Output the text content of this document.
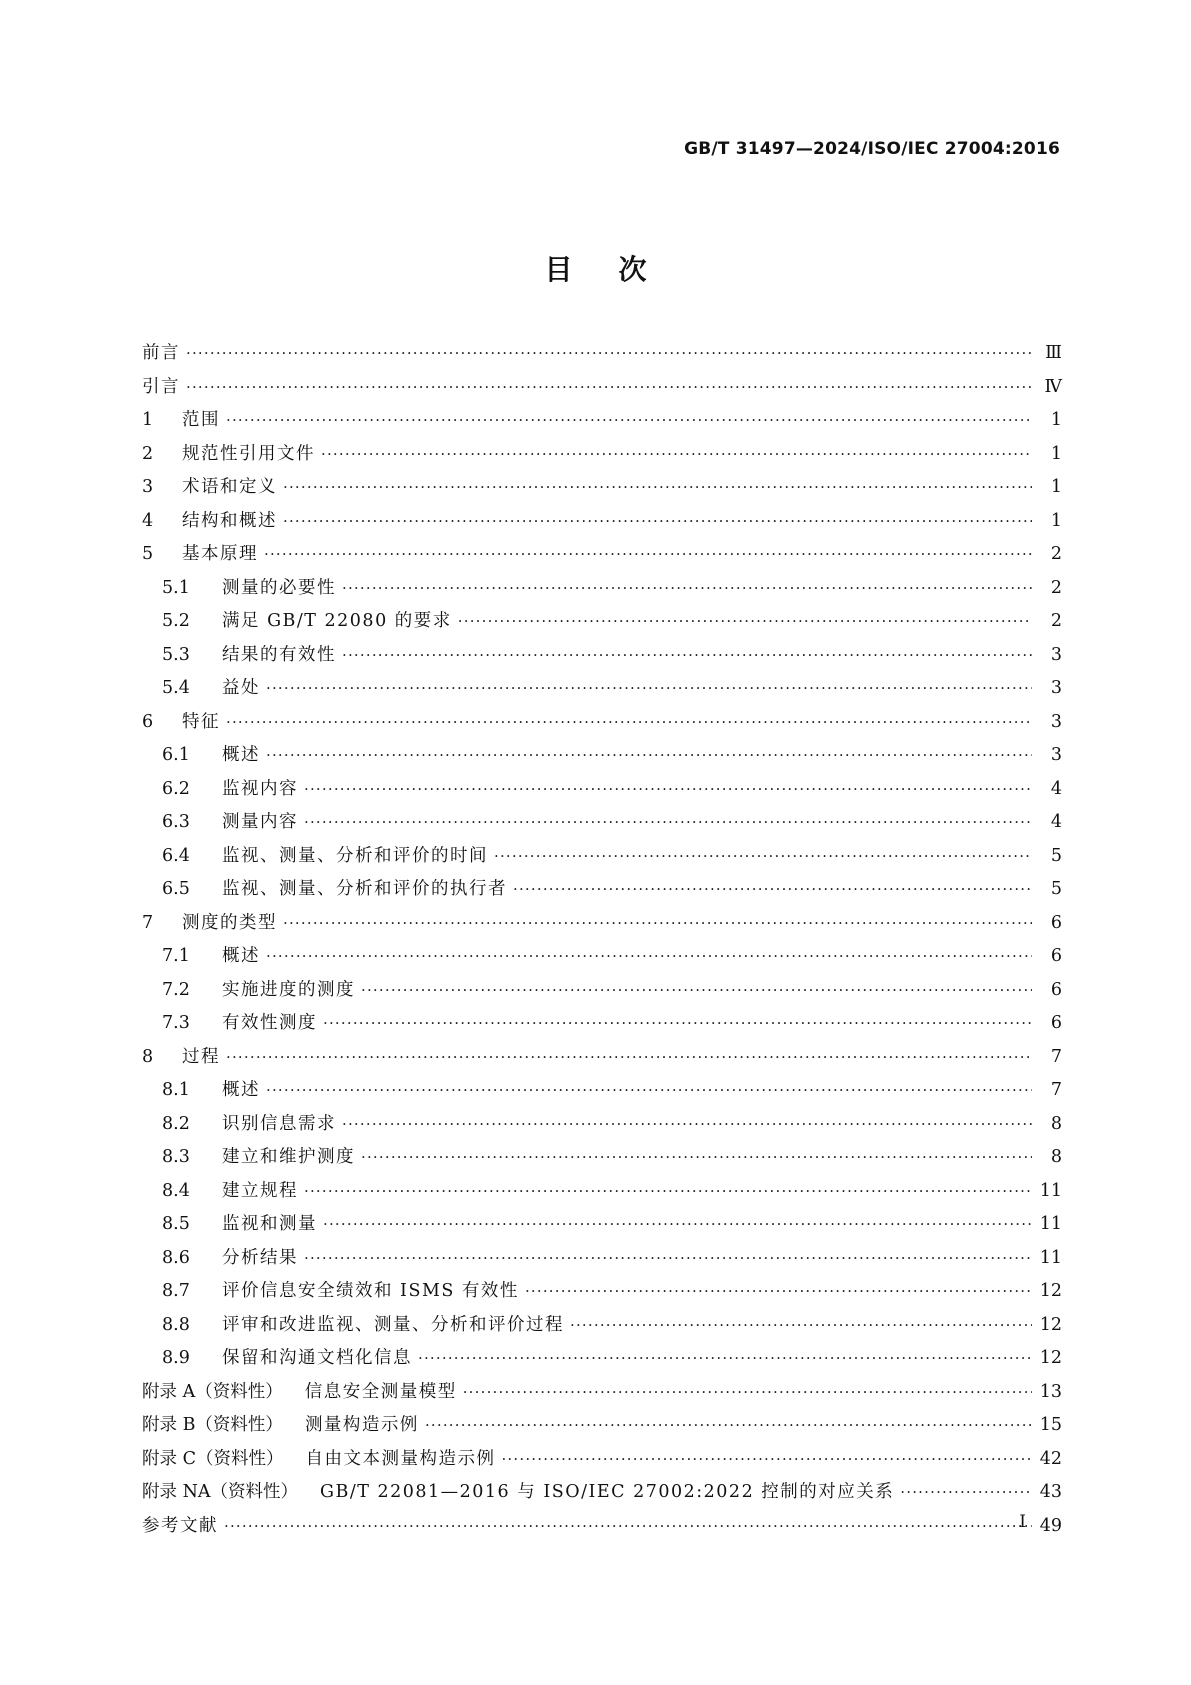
GB/T 31497—2024/ISO/IEC 27004:2016
目 次
前言 ·····	Ⅲ
引言 ·····	Ⅳ
1	范围 ·····	1
2	规范性引用文件 ·····	1
3	术语和定义 ·····	1
4	结构和概述 ·····	1
5	基本原理 ·····	2
5.1	测量的必要性 ·····	2
5.2	满足 GB/T 22080 的要求 ·····	2
5.3	结果的有效性 ·····	3
5.4	益处 ·····	3
6	特征 ·····	3
6.1	概述 ·····	3
6.2	监视内容 ·····	4
6.3	测量内容 ·····	4
6.4	监视、测量、分析和评价的时间 ·····	5
6.5	监视、测量、分析和评价的执行者 ·····	5
7	测度的类型 ·····	6
7.1	概述 ·····	6
7.2	实施进度的测度 ·····	6
7.3	有效性测度 ·····	6
8	过程 ·····	7
8.1	概述 ·····	7
8.2	识别信息需求 ·····	8
8.3	建立和维护测度 ·····	8
8.4	建立规程 ·····	11
8.5	监视和测量 ·····	11
8.6	分析结果 ·····	11
8.7	评价信息安全绩效和 ISMS 有效性 ·····	12
8.8	评审和改进监视、测量、分析和评价过程 ·····	12
8.9	保留和沟通文档化信息 ·····	12
附录 A（资料性） 信息安全测量模型 ·····	13
附录 B（资料性） 测量构造示例 ·····	15
附录 C（资料性） 自由文本测量构造示例 ·····	42
附录 NA（资料性） GB/T 22081—2016 与 ISO/IEC 27002:2022 控制的对应关系 ·····	43
参考文献 ·····	49
I
